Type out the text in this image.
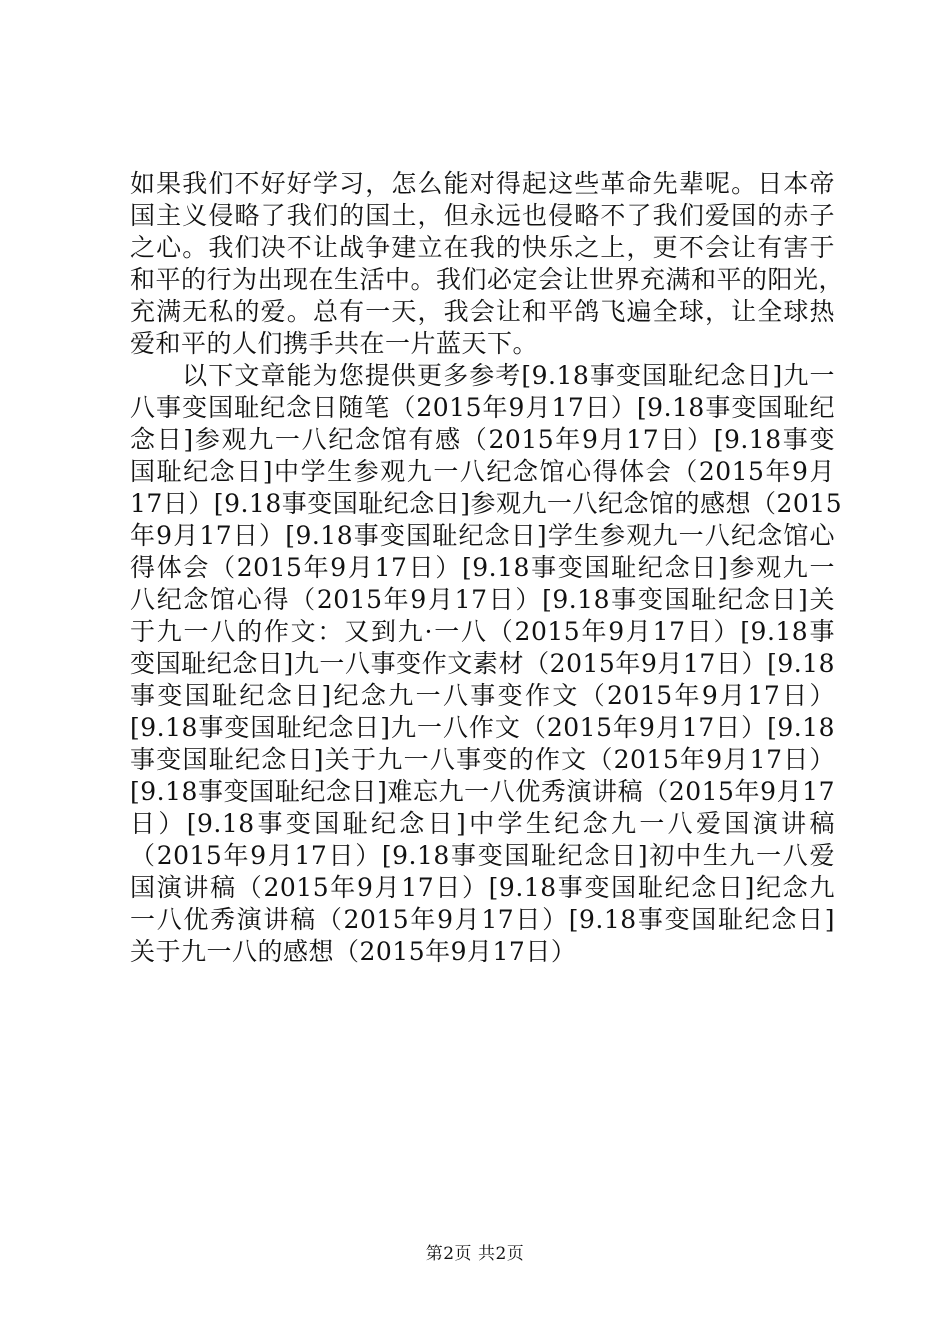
如果我们不好好学习，怎么能对得起这些革命先辈呢。日本帝
国主义侵略了我们的国土，但永远也侵略不了我们爱国的赤子
之心。我们决不让战争建立在我的快乐之上，更不会让有害于
和平的行为出现在生活中。我们必定会让世界充满和平的阳光，
充满无私的爱。总有一天，我会让和平鸽飞遍全球，让全球热
爱和平的人们携手共在一片蓝天下。
　　以下文章能为您提供更多参考[9.18事变国耻纪念日]九一
八事变国耻纪念日随笔（2015年9月17日）[9.18事变国耻纪
念日]参观九一八纪念馆有感（2015年9月17日）[9.18事变
国耻纪念日]中学生参观九一八纪念馆心得体会（2015年9月
17日）[9.18事变国耻纪念日]参观九一八纪念馆的感想（2015
年9月17日）[9.18事变国耻纪念日]学生参观九一八纪念馆心
得体会（2015年9月17日）[9.18事变国耻纪念日]参观九一
八纪念馆心得（2015年9月17日）[9.18事变国耻纪念日]关
于九一八的作文：又到九·一八（2015年9月17日）[9.18事
变国耻纪念日]九一八事变作文素材（2015年9月17日）[9.18
事变国耻纪念日]纪念九一八事变作文（2015年9月17日）
[9.18事变国耻纪念日]九一八作文（2015年9月17日）[9.18
事变国耻纪念日]关于九一八事变的作文（2015年9月17日）
[9.18事变国耻纪念日]难忘九一八优秀演讲稿（2015年9月17
日）[9.18事变国耻纪念日]中学生纪念九一八爱国演讲稿
（2015年9月17日）[9.18事变国耻纪念日]初中生九一八爱
国演讲稿（2015年9月17日）[9.18事变国耻纪念日]纪念九
一八优秀演讲稿（2015年9月17日）[9.18事变国耻纪念日]
关于九一八的感想（2015年9月17日）
第2页 共2页
